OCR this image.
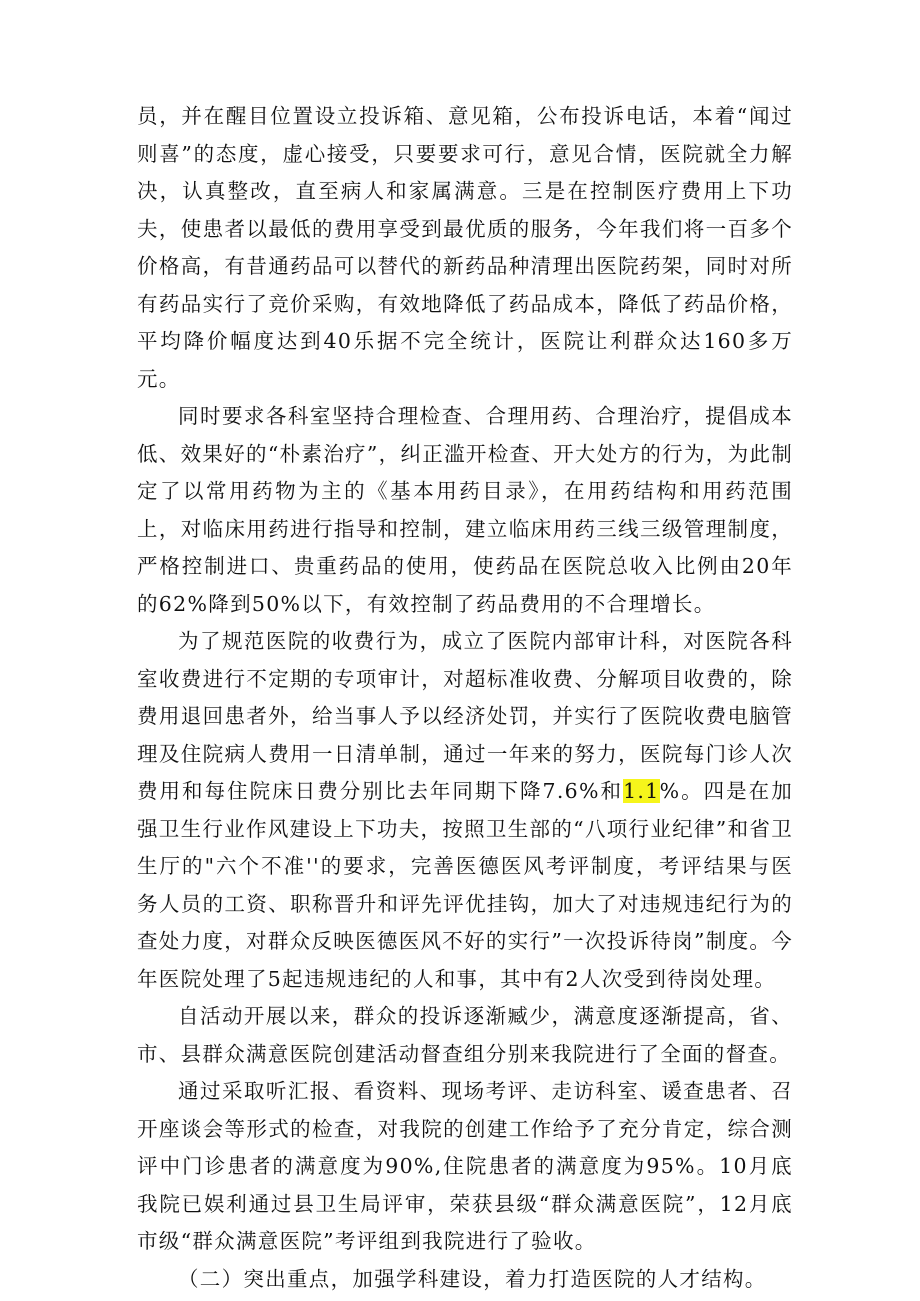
员，并在醒目位置设立投诉箱、意见箱，公布投诉电话，本着“闻过则喜”的态度，虚心接受，只要要求可行，意见合情，医院就全力解决，认真整改，直至病人和家属满意。三是在控制医疗费用上下功夫，使患者以最低的费用享受到最优质的服务，今年我们将一百多个价格高，有昔通药品可以替代的新药品种清理出医院药架，同时对所有药品实行了竞价采购，有效地降低了药品成本，降低了药品价格，平均降价幅度达到40乐据不完全统计，医院让利群众达160多万元。

同时要求各科室坚持合理检查、合理用药、合理治疗，提倡成本低、效果好的“朴素治疗”，纠正滥开检查、开大处方的行为，为此制定了以常用药物为主的《基本用药目录》，在用药结构和用药范围上，对临床用药进行指导和控制，建立临床用药三线三级管理制度，严格控制进口、贵重药品的使用，使药品在医院总收入比例由20年的62%降到50%以下，有效控制了药品费用的不合理增长。

为了规范医院的收费行为，成立了医院内部审计科，对医院各科室收费进行不定期的专项审计，对超标准收费、分解项目收费的，除费用退回患者外，给当事人予以经济处罚，并实行了医院收费电脑管理及住院病人费用一日清单制，通过一年来的努力，医院每门诊人次费用和每住院床日费分别比去年同期下降7.6%和1.1%。四是在加强卫生行业作风建设上下功夫，按照卫生部的“八项行业纪律”和省卫生厅的"六个不准''的要求，完善医德医风考评制度，考评结果与医务人员的工资、职称晋升和评先评优挂钩，加大了对违规违纪行为的查处力度，对群众反映医德医风不好的实行”一次投诉待岗”制度。今年医院处理了5起违规违纪的人和事，其中有2人次受到待岗处理。

自活动开展以来，群众的投诉逐渐臧少，满意度逐渐提高，省、市、县群众满意医院创建活动督查组分别来我院进行了全面的督查。

通过采取听汇报、看资料、现场考评、走访科室、谖查患者、召开座谈会等形式的检查，对我院的创建工作给予了充分肯定，综合测评中门诊患者的满意度为90%,住院患者的满意度为95%。10月底我院已娱利通过县卫生局评审，荣获县级“群众满意医院”，12月底市级“群众满意医院”考评组到我院进行了验收。

（二）突出重点，加强学科建设，着力打造医院的人才结构。
